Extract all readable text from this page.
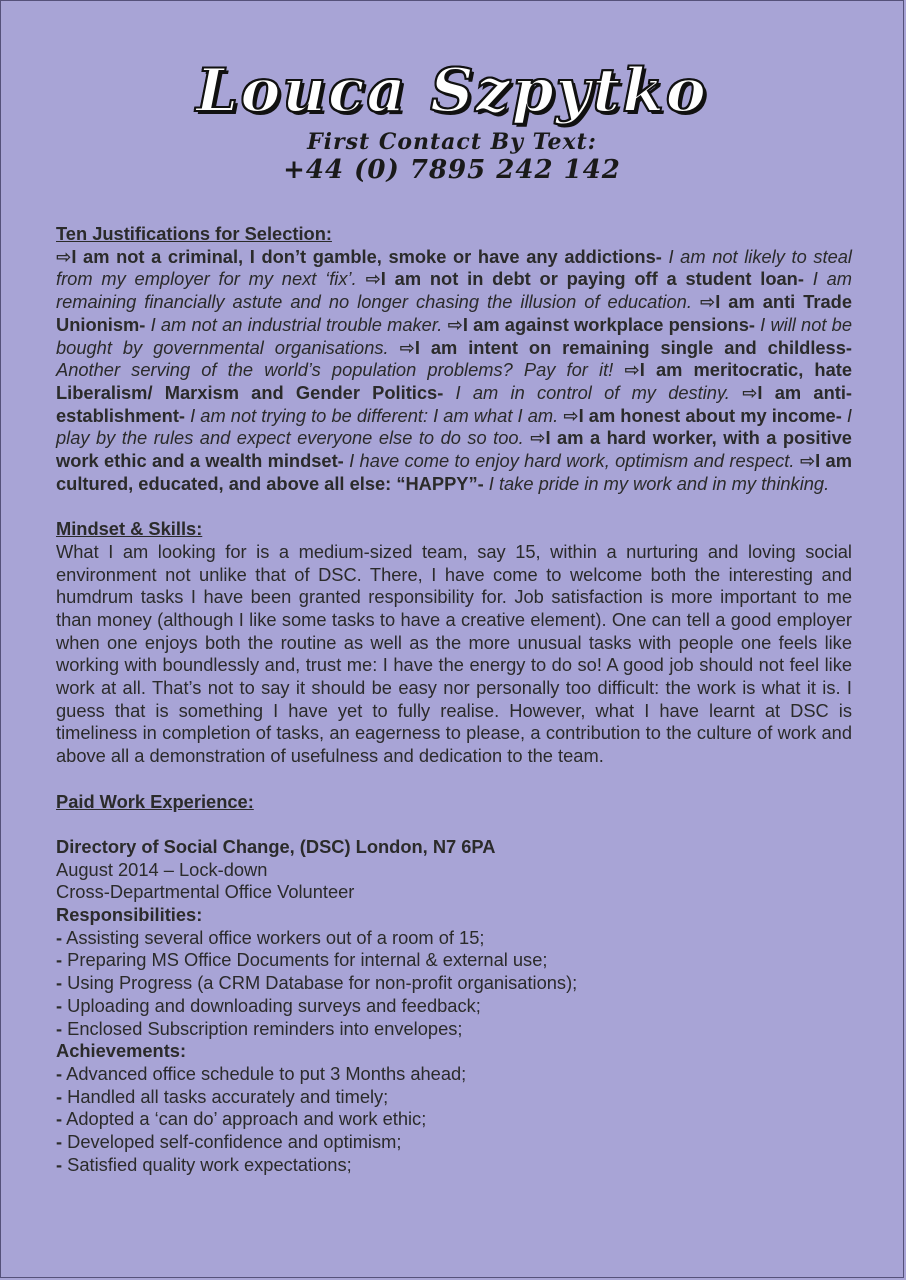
Louca Szpytko
First Contact By Text:
+44 (0) 7895 242 142
Ten Justifications for Selection:
⇨I am not a criminal, I don’t gamble, smoke or have any addictions- I am not likely to steal from my employer for my next ‘fix’. ⇨I am not in debt or paying off a student loan- I am remaining financially astute and no longer chasing the illusion of education. ⇨I am anti Trade Unionism- I am not an industrial trouble maker. ⇨I am against workplace pensions- I will not be bought by governmental organisations. ⇨I am intent on remaining single and childless- Another serving of the world’s population problems? Pay for it! ⇨I am meritocratic, hate Liberalism/ Marxism and Gender Politics- I am in control of my destiny. ⇨I am anti-establishment- I am not trying to be different: I am what I am. ⇨I am honest about my income- I play by the rules and expect everyone else to do so too. ⇨I am a hard worker, with a positive work ethic and a wealth mindset- I have come to enjoy hard work, optimism and respect. ⇨I am cultured, educated, and above all else: “HAPPY”- I take pride in my work and in my thinking.
Mindset & Skills:
What I am looking for is a medium-sized team, say 15, within a nurturing and loving social environment not unlike that of DSC. There, I have come to welcome both the interesting and humdrum tasks I have been granted responsibility for. Job satisfaction is more important to me than money (although I like some tasks to have a creative element). One can tell a good employer when one enjoys both the routine as well as the more unusual tasks with people one feels like working with boundlessly and, trust me: I have the energy to do so! A good job should not feel like work at all. That’s not to say it should be easy nor personally too difficult: the work is what it is. I guess that is something I have yet to fully realise. However, what I have learnt at DSC is timeliness in completion of tasks, an eagerness to please, a contribution to the culture of work and above all a demonstration of usefulness and dedication to the team.
Paid Work Experience:
Directory of Social Change, (DSC) London, N7 6PA
August 2014 – Lock-down
Cross-Departmental Office Volunteer
Responsibilities:
- Assisting several office workers out of a room of 15;
- Preparing MS Office Documents for internal & external use;
- Using Progress (a CRM Database for non-profit organisations);
- Uploading and downloading surveys and feedback;
- Enclosed Subscription reminders into envelopes;
Achievements:
- Advanced office schedule to put 3 Months ahead;
- Handled all tasks accurately and timely;
- Adopted a ‘can do’ approach and work ethic;
- Developed self-confidence and optimism;
- Satisfied quality work expectations;
